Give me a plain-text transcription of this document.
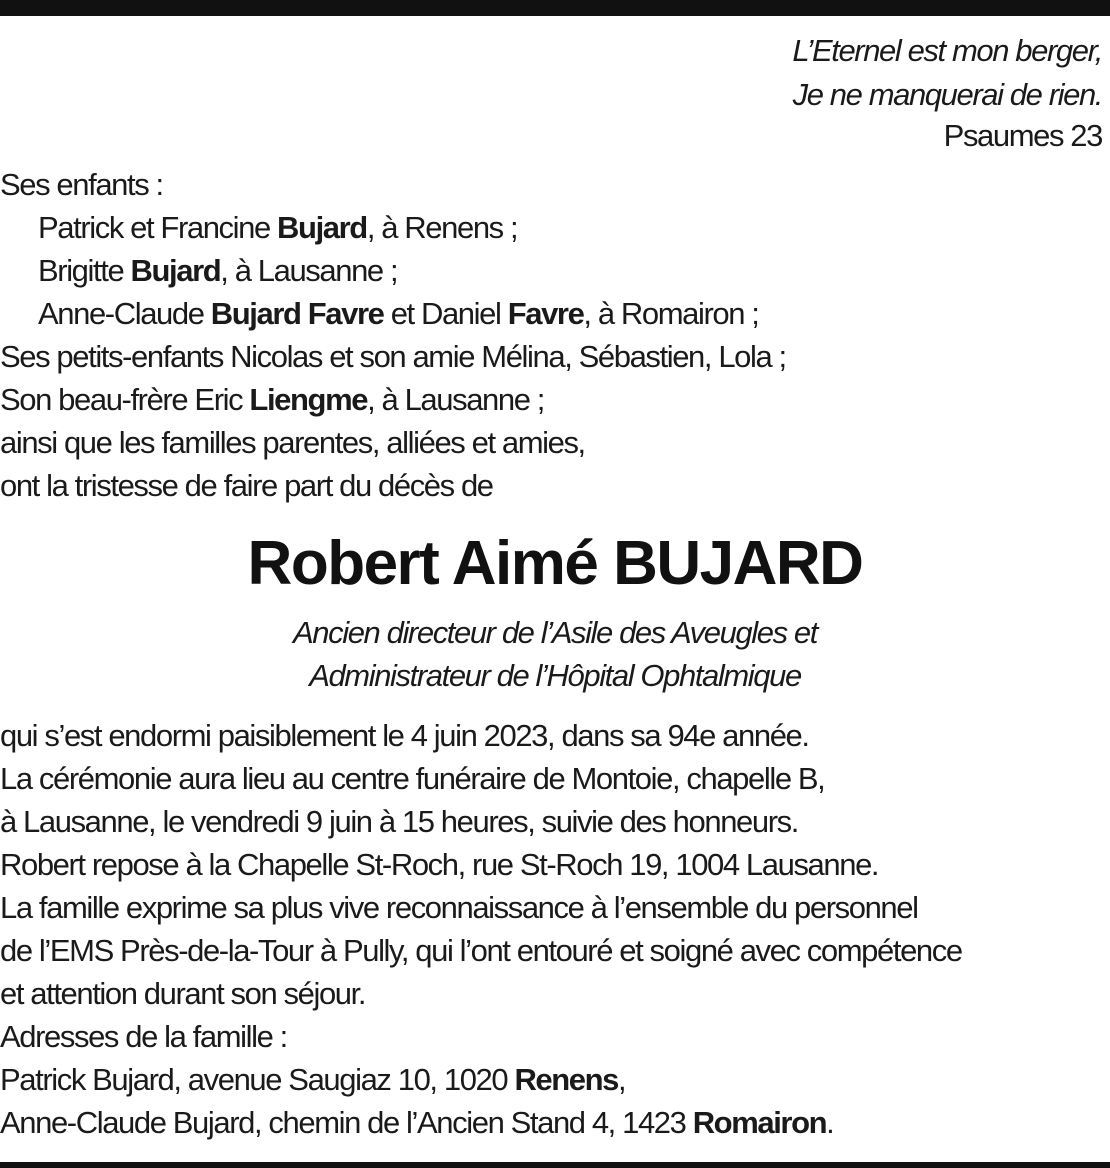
L’Eternel est mon berger,
Je ne manquerai de rien.
Psaumes 23
Ses enfants :
Patrick et Francine Bujard, à Renens ;
Brigitte Bujard, à Lausanne ;
Anne-Claude Bujard Favre et Daniel Favre, à Romairon ;
Ses petits-enfants Nicolas et son amie Mélina, Sébastien, Lola ;
Son beau-frère Eric Liengme, à Lausanne ;
ainsi que les familles parentes, alliées et amies,
ont la tristesse de faire part du décès de
Robert Aimé BUJARD
Ancien directeur de l’Asile des Aveugles et
Administrateur de l’Hôpital Ophtalmique
qui s’est endormi paisiblement le 4 juin 2023, dans sa 94e année.
La cérémonie aura lieu au centre funéraire de Montoie, chapelle B,
à Lausanne, le vendredi 9 juin à 15 heures, suivie des honneurs.
Robert repose à la Chapelle St-Roch, rue St-Roch 19, 1004 Lausanne.
La famille exprime sa plus vive reconnaissance à l’ensemble du personnel
de l’EMS Près-de-la-Tour à Pully, qui l’ont entouré et soigné avec compétence
et attention durant son séjour.
Adresses de la famille :
Patrick Bujard, avenue Saugiaz 10, 1020 Renens,
Anne-Claude Bujard, chemin de l’Ancien Stand 4, 1423 Romairon.
